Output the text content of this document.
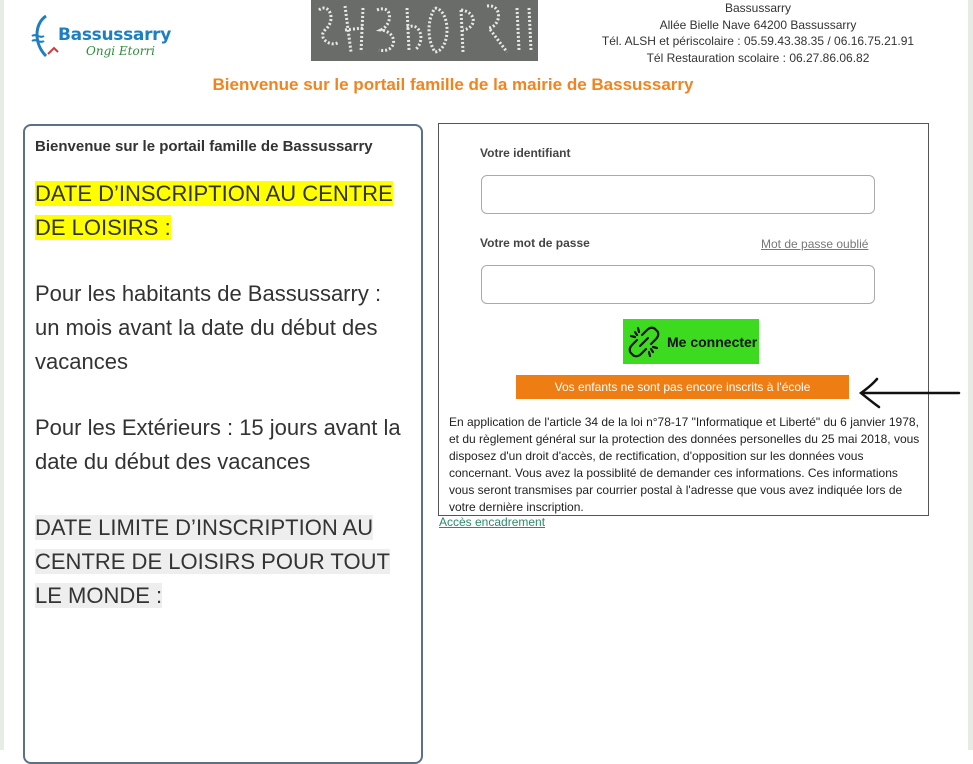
Bassussarry
Ongi Etorri
Bassussarry
Allée Bielle Nave 64200 Bassussarry
Tél. ALSH et périscolaire : 05.59.43.38.35 / 06.16.75.21.91
Tél Restauration scolaire : 06.27.86.06.82
Bienvenue sur le portail famille de la mairie de Bassussarry
Bienvenue sur le portail famille de Bassussarry

DATE D’INSCRIPTION AU CENTRE DE LOISIRS :

Pour les habitants de Bassussarry : un mois avant la date du début des vacances

Pour les Extérieurs : 15 jours avant la date du début des vacances

DATE LIMITE D’INSCRIPTION AU CENTRE DE LOISIRS POUR TOUT LE MONDE :

Votre identifiant
Votre mot de passe	Mot de passe oublié
Me connecter
Vos enfants ne sont pas encore inscrits à l'école
En application de l'article 34 de la loi n°78-17 "Informatique et Liberté" du 6 janvier 1978, et du règlement général sur la protection des données personelles du 25 mai 2018, vous disposez d'un droit d'accès, de rectification, d'opposition sur les données vous concernant. Vous avez la possiblité de demander ces informations. Ces informations vous seront transmises par courrier postal à l'adresse que vous avez indiquée lors de votre dernière inscription.
Accès encadrement
